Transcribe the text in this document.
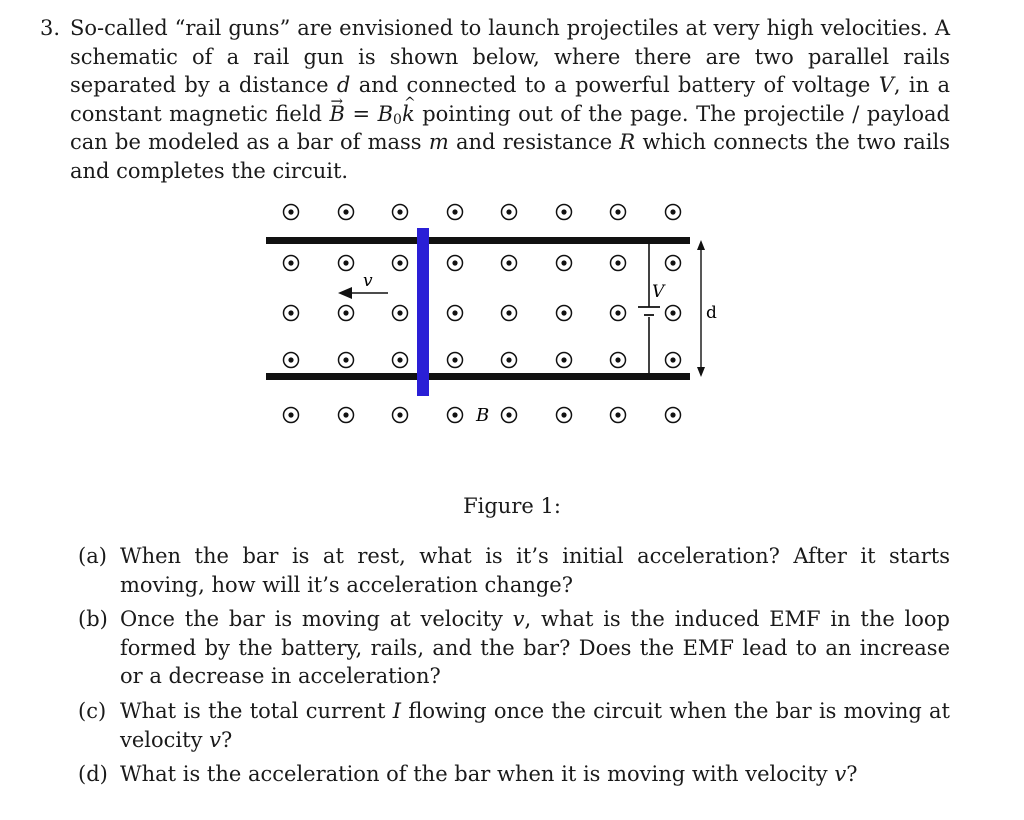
3. So-called “rail guns” are envisioned to launch projectiles at very high velocities. A schematic of a rail gun is shown below, where there are two parallel rails separated by a distance d and connected to a powerful battery of voltage V, in a constant magnetic field → $B = B_0\^{}$ k pointing out of the page. The projectile / payload can be modeled as a bar of mass m and resistance R which connects the two rails and completes the circuit.
v
V
d
B
Figure 1:
(a) When the bar is at rest, what is it’s initial acceleration? After it starts moving, how will it’s acceleration change?
(b) Once the bar is moving at velocity v, what is the induced EMF in the loop formed by the battery, rails, and the bar? Does the EMF lead to an increase or a decrease in acceleration?
(c) What is the total current I flowing once the circuit when the bar is moving at velocity v?
(d) What is the acceleration of the bar when it is moving with velocity v?
